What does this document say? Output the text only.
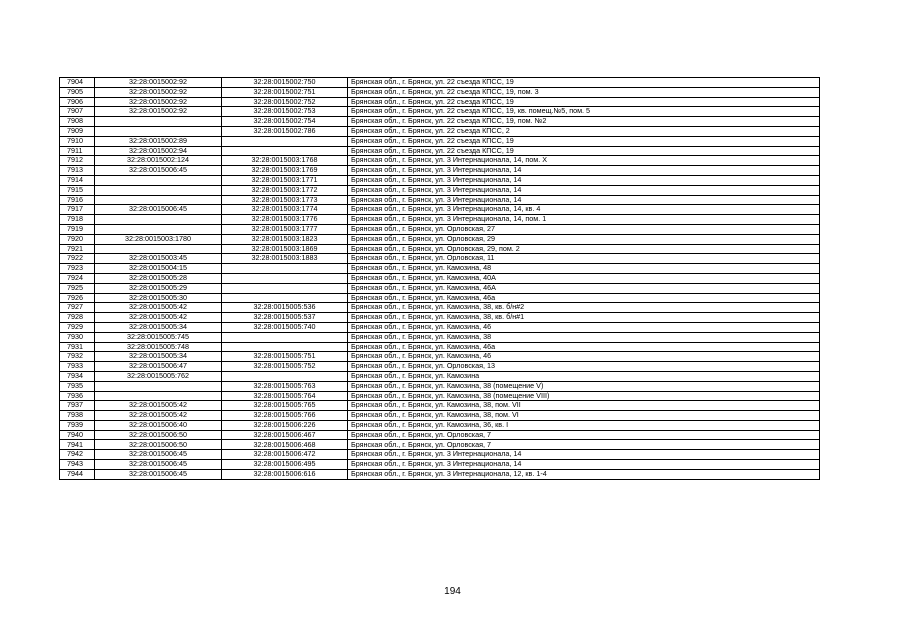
7904	32:28:0015002:92	32:28:0015002:750	Брянская обл., г. Брянск, ул. 22 съезда КПСС, 19
7905	32:28:0015002:92	32:28:0015002:751	Брянская обл., г. Брянск, ул. 22 съезда КПСС, 19, пом. 3
7906	32:28:0015002:92	32:28:0015002:752	Брянская обл., г. Брянск, ул. 22 съезда КПСС, 19
7907	32:28:0015002:92	32:28:0015002:753	Брянская обл., г. Брянск, ул. 22 съезда КПСС, 19, кв. помещ.№5, пом. 5
7908		32:28:0015002:754	Брянская обл., г. Брянск, ул. 22 съезда КПСС, 19, пом. №2
7909		32:28:0015002:786	Брянская обл., г. Брянск, ул. 22 съезда КПСС, 2
7910	32:28:0015002:89		Брянская обл., г. Брянск, ул. 22 съезда КПСС, 19
7911	32:28:0015002:94		Брянская обл., г. Брянск, ул. 22 съезда КПСС, 19
7912	32:28:0015002:124	32:28:0015003:1768	Брянская обл., г. Брянск, ул. 3 Интернационала, 14, пом. X
7913	32:28:0015006:45	32:28:0015003:1769	Брянская обл., г. Брянск, ул. 3 Интернационала, 14
7914		32:28:0015003:1771	Брянская обл., г. Брянск, ул. 3 Интернационала, 14
7915		32:28:0015003:1772	Брянская обл., г. Брянск, ул. 3 Интернационала, 14
7916		32:28:0015003:1773	Брянская обл., г. Брянск, ул. 3 Интернационала, 14
7917	32:28:0015006:45	32:28:0015003:1774	Брянская обл., г. Брянск, ул. 3 Интернационала, 14, кв. 4
7918		32:28:0015003:1776	Брянская обл., г. Брянск, ул. 3 Интернационала, 14, пом. 1
7919		32:28:0015003:1777	Брянская обл., г. Брянск, ул. Орловская, 27
7920	32:28:0015003:1780	32:28:0015003:1823	Брянская обл., г. Брянск, ул. Орловская, 29
7921		32:28:0015003:1869	Брянская обл., г. Брянск, ул. Орловская, 29, пом. 2
7922	32:28:0015003:45	32:28:0015003:1883	Брянская обл., г. Брянск, ул. Орловская, 11
7923	32:28:0015004:15		Брянская обл., г. Брянск, ул. Камозина, 48
7924	32:28:0015005:28		Брянская обл., г. Брянск, ул. Камозина, 40А
7925	32:28:0015005:29		Брянская обл., г. Брянск, ул. Камозина, 46А
7926	32:28:0015005:30		Брянская обл., г. Брянск, ул. Камозина, 46а
7927	32:28:0015005:42	32:28:0015005:536	Брянская обл., г. Брянск, ул. Камозина, 38, кв. б/н#2
7928	32:28:0015005:42	32:28:0015005:537	Брянская обл., г. Брянск, ул. Камозина, 38, кв. б/н#1
7929	32:28:0015005:34	32:28:0015005:740	Брянская обл., г. Брянск, ул. Камозина, 46
7930	32:28:0015005:745		Брянская обл., г. Брянск, ул. Камозина, 38
7931	32:28:0015005:748		Брянская обл., г. Брянск, ул. Камозина, 46а
7932	32:28:0015005:34	32:28:0015005:751	Брянская обл., г. Брянск, ул. Камозина, 46
7933	32:28:0015006:47	32:28:0015005:752	Брянская обл., г. Брянск, ул. Орловская, 13
7934	32:28:0015005:762		Брянская обл., г. Брянск, ул. Камозина
7935		32:28:0015005:763	Брянская обл., г. Брянск, ул. Камозина, 38 (помещение V)
7936		32:28:0015005:764	Брянская обл., г. Брянск, ул. Камозина, 38 (помещение VIII)
7937	32:28:0015005:42	32:28:0015005:765	Брянская обл., г. Брянск, ул. Камозина, 38, пом. VII
7938	32:28:0015005:42	32:28:0015005:766	Брянская обл., г. Брянск, ул. Камозина, 38, пом. VI
7939	32:28:0015006:40	32:28:0015006:226	Брянская обл., г. Брянск, ул. Камозина, 36, кв. I
7940	32:28:0015006:50	32:28:0015006:467	Брянская обл., г. Брянск, ул. Орловская, 7
7941	32:28:0015006:50	32:28:0015006:468	Брянская обл., г. Брянск, ул. Орловская, 7
7942	32:28:0015006:45	32:28:0015006:472	Брянская обл., г. Брянск, ул. 3 Интернационала, 14
7943	32:28:0015006:45	32:28:0015006:495	Брянская обл., г. Брянск, ул. 3 Интернационала, 14
7944	32:28:0015006:45	32:28:0015006:616	Брянская обл., г. Брянск, ул. 3 Интернационала, 12, кв. 1-4
194
